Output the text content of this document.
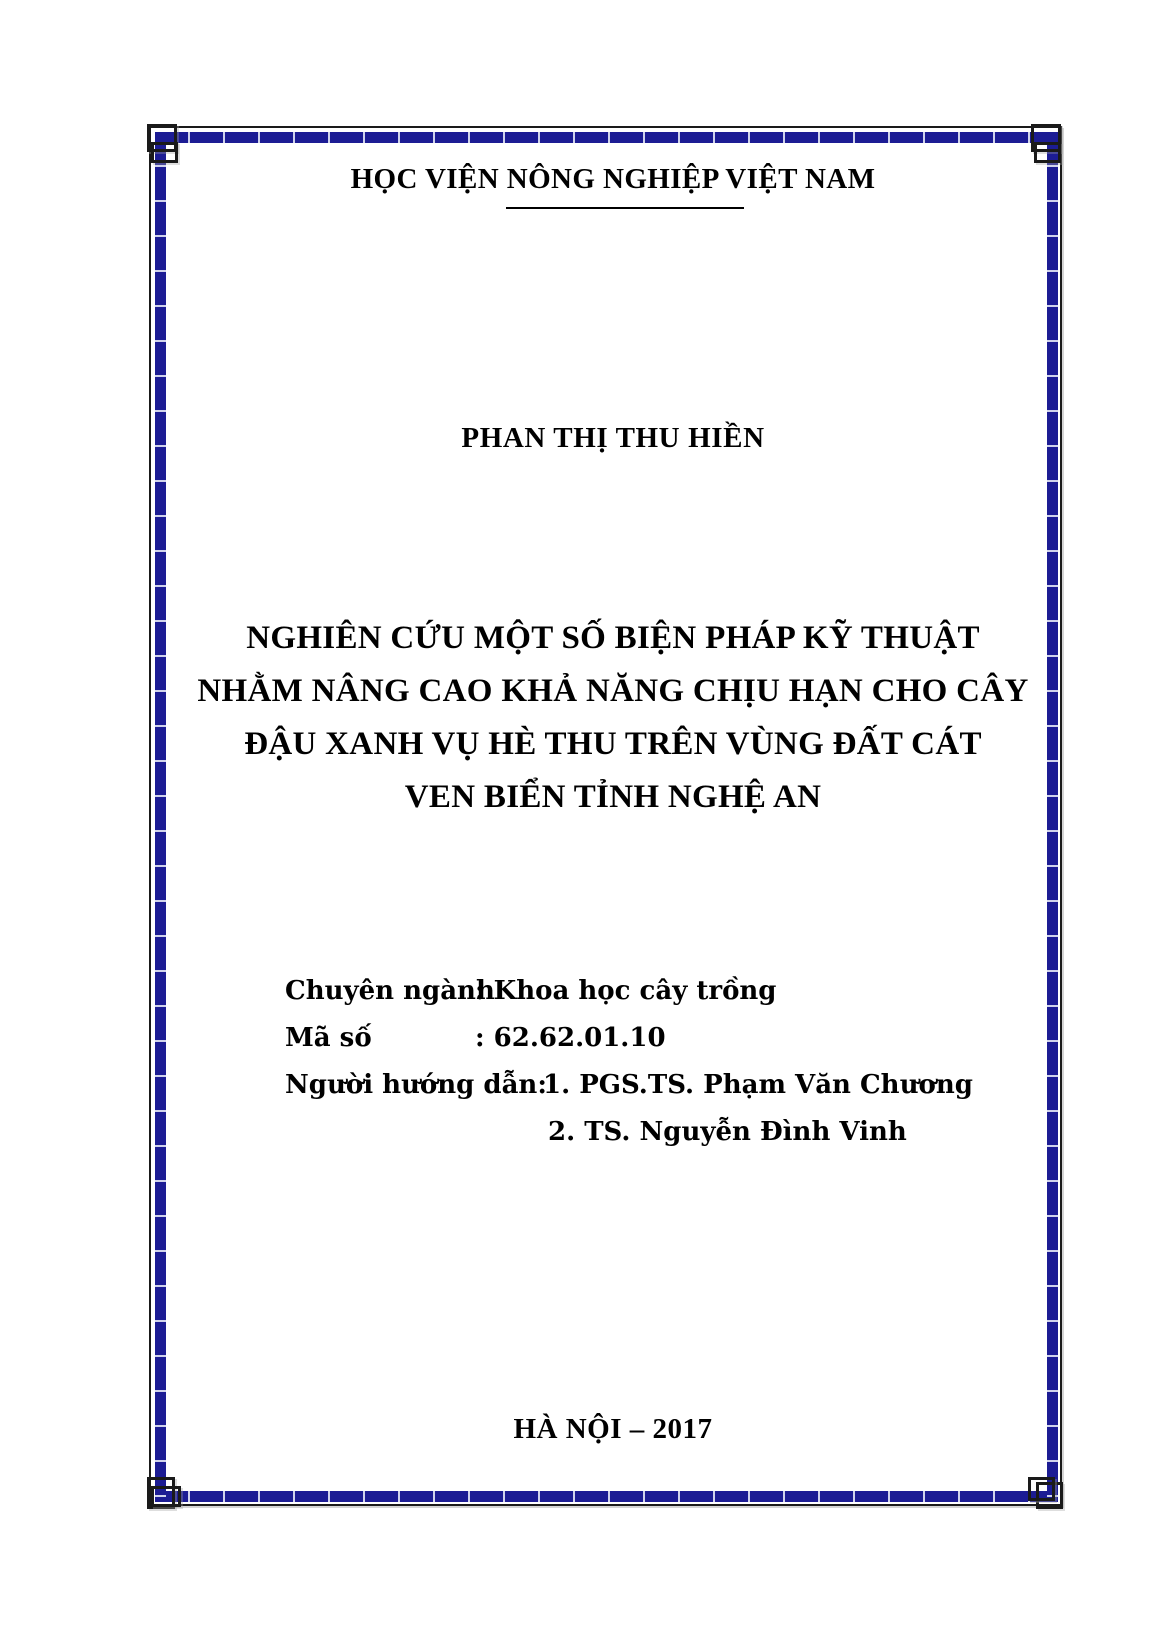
HỌC VIỆN NÔNG NGHIỆP VIỆT NAM
PHAN THỊ THU HIỀN
NGHIÊN CỨU MỘT SỐ BIỆN PHÁP KỸ THUẬT
NHẰM NÂNG CAO KHẢ NĂNG CHỊU HẠN CHO CÂY
ĐẬU XANH VỤ HÈ THU TRÊN VÙNG ĐẤT CÁT
VEN BIỂN TỈNH NGHỆ AN
Chuyên ngành
: Khoa học cây trồng
Mã số	: 62.62.01.10
Người hướng dẫn:
1. PGS.TS. Phạm Văn Chương
2. TS. Nguyễn Đình Vinh
HÀ NỘI – 2017
